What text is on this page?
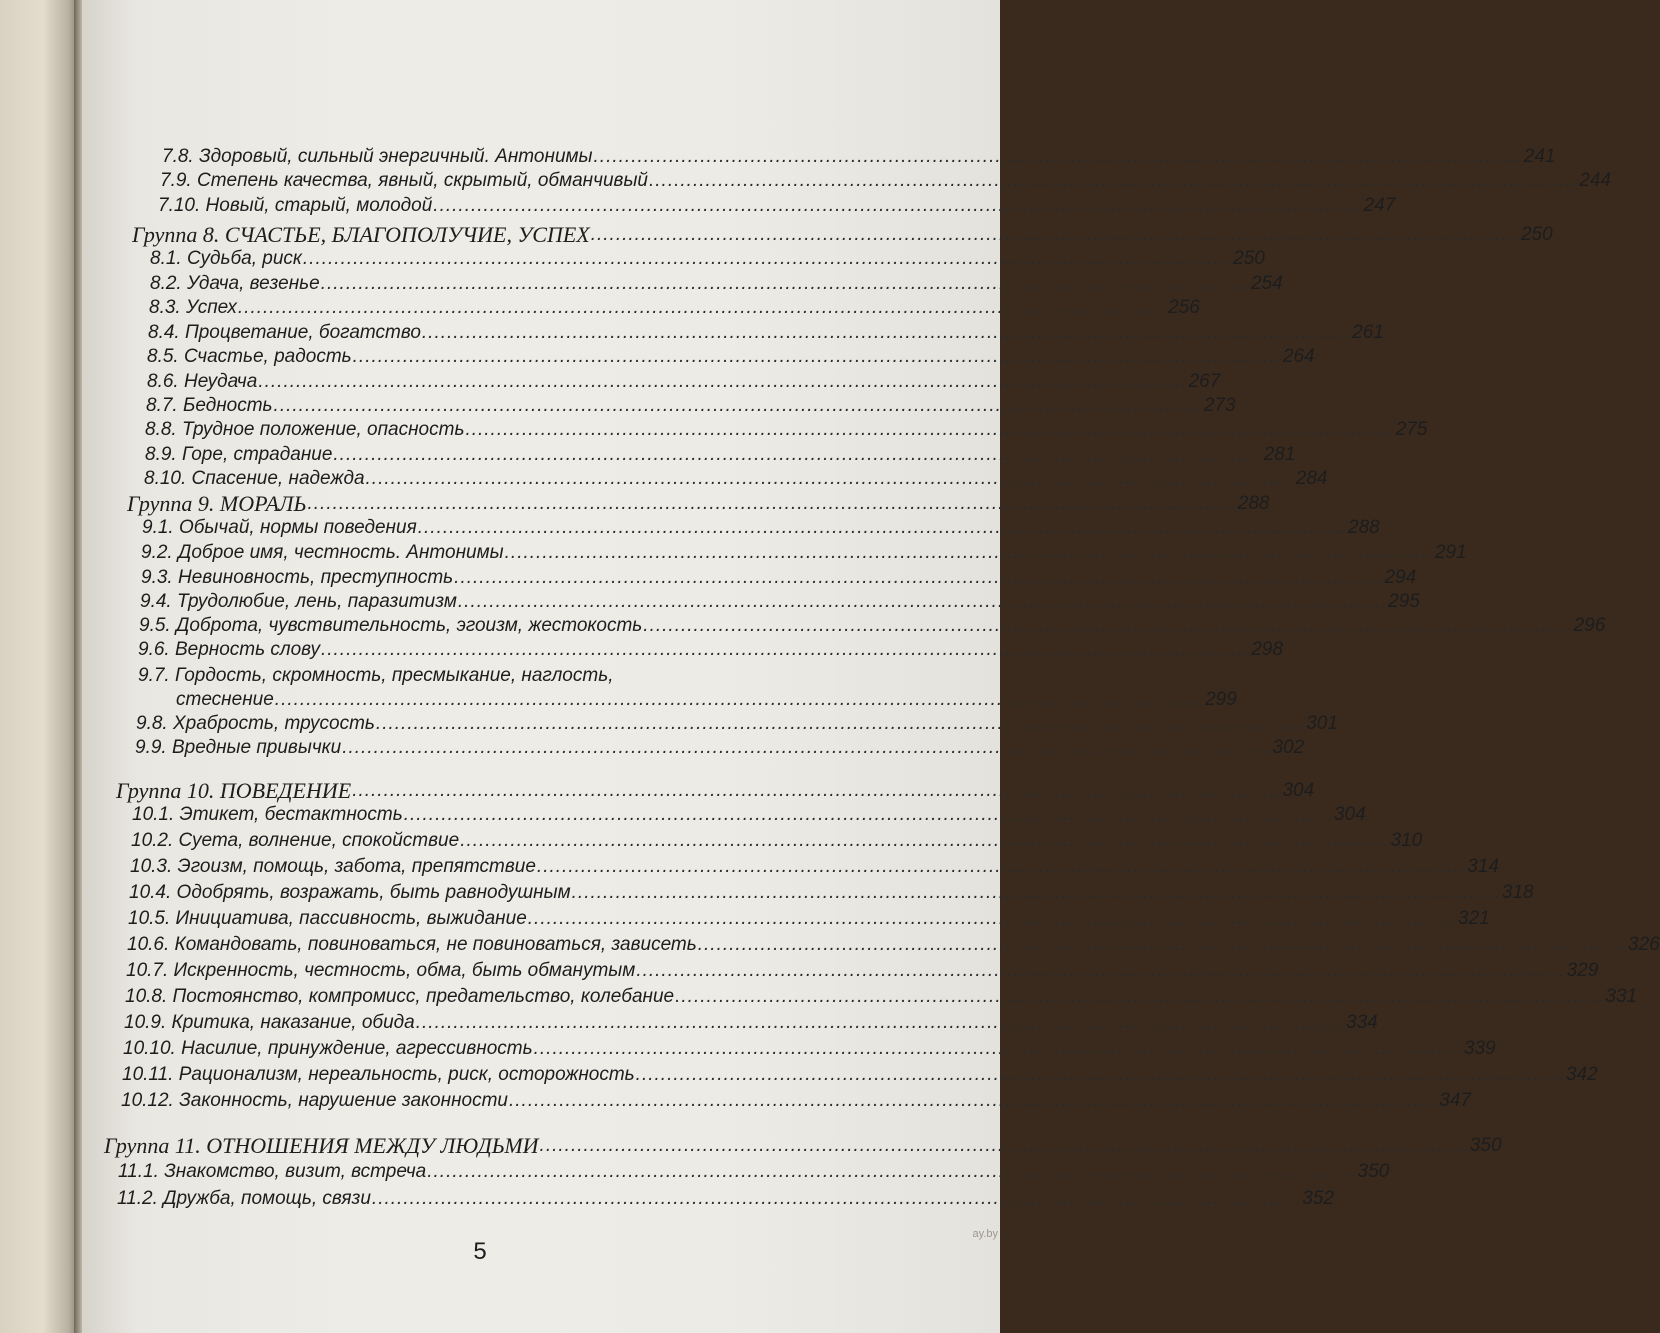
7.8. Здоровый, сильный энергичный. Антонимы .................................................................................................................................................... 241
7.9. Степень качества, явный, скрытый, обманчивый .................................................................................................................................................... 244
7.10. Новый, старый, молодой .................................................................................................................................................... 247
Группа 8. СЧАСТЬЕ, БЛАГОПОЛУЧИЕ, УСПЕХ .................................................................................................................................................... 250
8.1. Судьба, риск .................................................................................................................................................... 250
8.2. Удача, везенье .................................................................................................................................................... 254
8.3. Успех .................................................................................................................................................... 256
8.4. Процветание, богатство .................................................................................................................................................... 261
8.5. Счастье, радость .................................................................................................................................................... 264
8.6. Неудача .................................................................................................................................................... 267
8.7. Бедность .................................................................................................................................................... 273
8.8. Трудное положение, опасность .................................................................................................................................................... 275
8.9. Горе, страдание .................................................................................................................................................... 281
8.10. Спасение, надежда .................................................................................................................................................... 284
Группа 9. МОРАЛЬ .................................................................................................................................................... 288
9.1. Обычай, нормы поведения .................................................................................................................................................... 288
9.2. Доброе имя, честность. Антонимы .................................................................................................................................................... 291
9.3. Невиновность, преступность .................................................................................................................................................... 294
9.4. Трудолюбие, лень, паразитизм .................................................................................................................................................... 295
9.5. Доброта, чувствительность, эгоизм, жестокость .................................................................................................................................................... 296
9.6. Верность слову .................................................................................................................................................... 298
9.7. Гордость, скромность, пресмыкание, наглость,
стеснение .................................................................................................................................................... 299
9.8. Храбрость, трусость .................................................................................................................................................... 301
9.9. Вредные привычки .................................................................................................................................................... 302
Группа 10. ПОВЕДЕНИЕ .................................................................................................................................................... 304
10.1. Этикет, бестактность .................................................................................................................................................... 304
10.2. Суета, волнение, спокойствие .................................................................................................................................................... 310
10.3. Эгоизм, помощь, забота, препятствие .................................................................................................................................................... 314
10.4. Одобрять, возражать, быть равнодушным .................................................................................................................................................... 318
10.5. Инициатива, пассивность, выжидание .................................................................................................................................................... 321
10.6. Командовать, повиноваться, не повиноваться, зависеть .................................................................................................................................................... 326
10.7. Искренность, честность, обма, быть обманутым .................................................................................................................................................... 329
10.8. Постоянство, компромисс, предательство, колебание .................................................................................................................................................... 331
10.9. Критика, наказание, обида .................................................................................................................................................... 334
10.10. Насилие, принуждение, агрессивность .................................................................................................................................................... 339
10.11. Рационализм, нереальность, риск, осторожность .................................................................................................................................................... 342
10.12. Законность, нарушение законности .................................................................................................................................................... 347
Группа 11. ОТНОШЕНИЯ МЕЖДУ ЛЮДЬМИ .................................................................................................................................................... 350
11.1. Знакомство, визит, встреча .................................................................................................................................................... 350
11.2. Дружба, помощь, связи .................................................................................................................................................... 352
5
ay.by
